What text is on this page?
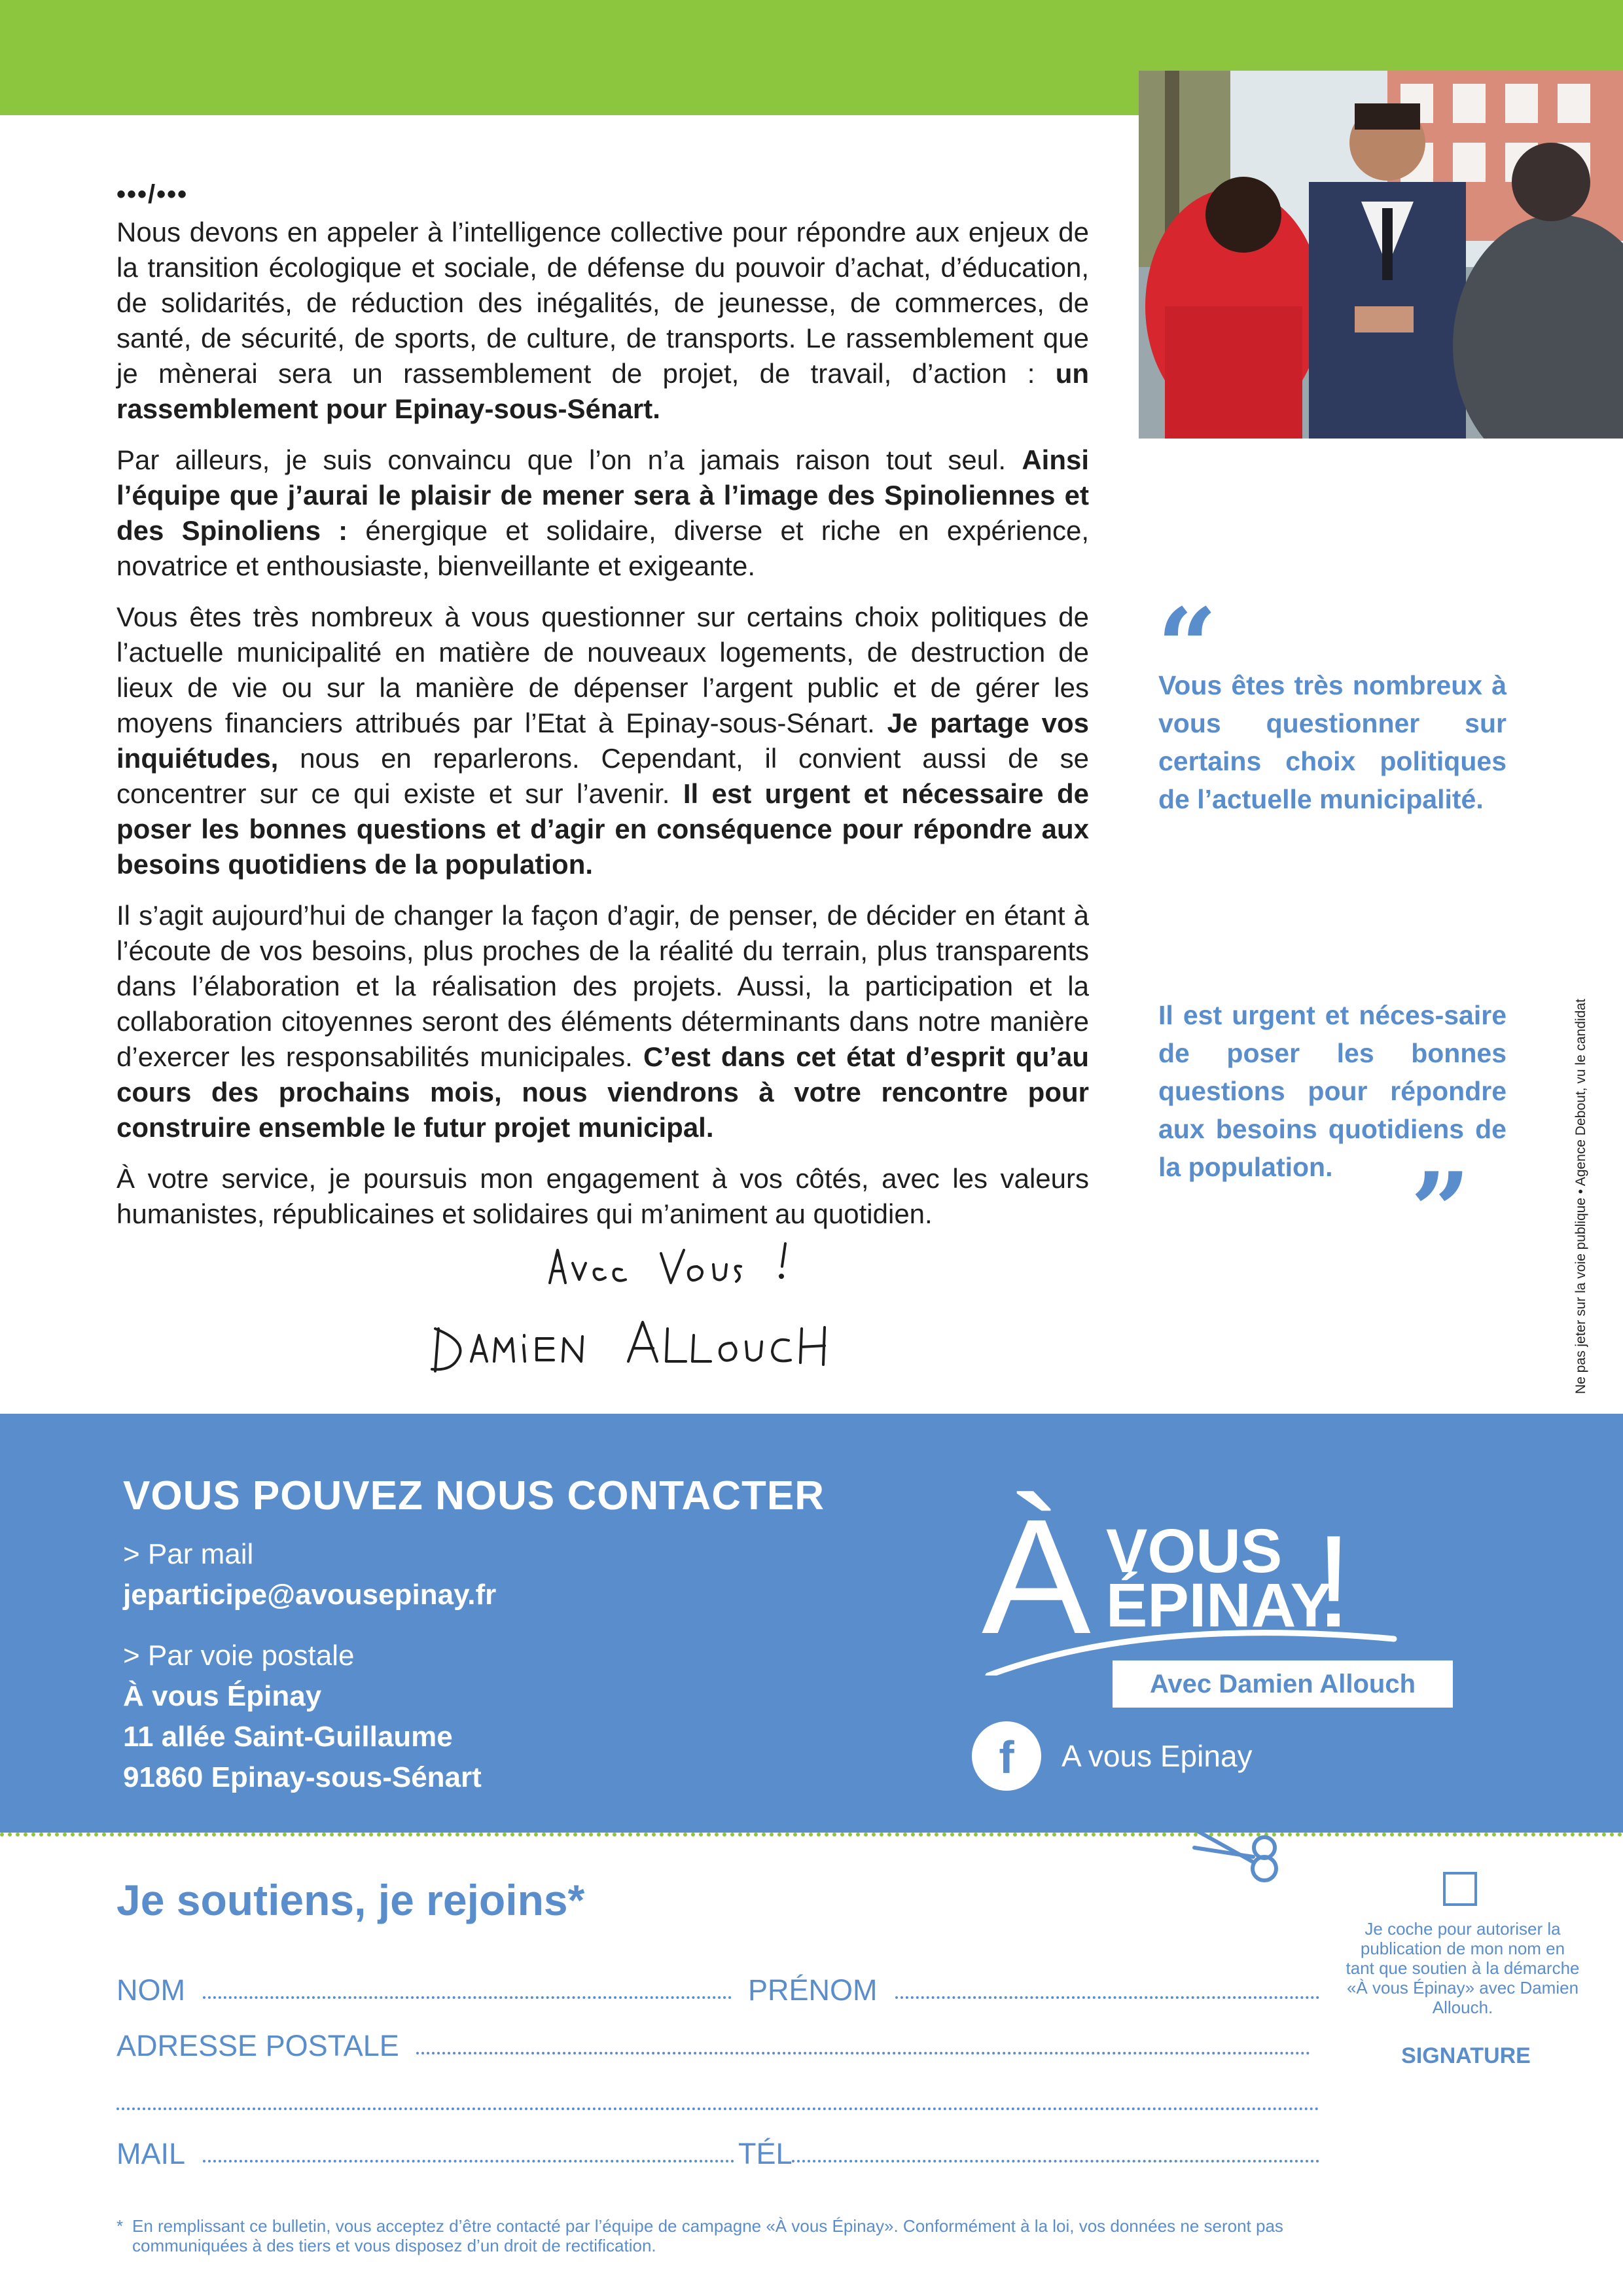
•••/•••

Nous devons en appeler à l’intelligence collective pour répondre aux enjeux de la transition écologique et sociale, de défense du pouvoir d’achat, d’éducation, de solidarités, de réduction des inégalités, de jeunesse, de commerces, de santé, de sécurité, de sports, de culture, de transports. Le rassemblement que je mènerai sera un rassemblement de projet, de travail, d’action : un rassemblement pour Epinay-sous-Sénart.

Par ailleurs, je suis convaincu que l’on n’a jamais raison tout seul. Ainsi l’équipe que j’aurai le plaisir de mener sera à l’image des Spinoliennes et des Spinoliens : énergique et solidaire, diverse et riche en expérience, novatrice et enthousiaste, bienveillante et exigeante.

Vous êtes très nombreux à vous questionner sur certains choix politiques de l’actuelle municipalité en matière de nouveaux logements, de destruction de lieux de vie ou sur la manière de dépenser l’argent public et de gérer les moyens financiers attribués par l’Etat à Epinay-sous-Sénart. Je partage vos inquiétudes, nous en reparlerons. Cependant, il convient aussi de se concentrer sur ce qui existe et sur l’avenir. Il est urgent et nécessaire de poser les bonnes questions et d’agir en conséquence pour répondre aux besoins quotidiens de la population.

Il s’agit aujourd’hui de changer la façon d’agir, de penser, de décider en étant à l’écoute de vos besoins, plus proches de la réalité du terrain, plus transparents dans l’élaboration et la réalisation des projets. Aussi, la participation et la collaboration citoyennes seront des éléments déterminants dans notre manière d’exercer les responsabilités municipales. C’est dans cet état d’esprit qu’au cours des prochains mois, nous viendrons à votre rencontre pour construire ensemble le futur projet municipal.

À votre service, je poursuis mon engagement à vos côtés, avec les valeurs humanistes, républicaines et solidaires qui m’animent au quotidien.

“
Vous êtes très nombreux à vous questionner sur certains choix politiques de l’actuelle municipalité.
Il est urgent et néces-saire de poser les bonnes questions pour répondre aux besoins quotidiens de la population. ”	Ne pas jeter sur la voie publique • Agence Debout, vu le candidat
VOUS POUVEZ NOUS CONTACTER
> Par mail
jeparticipe@avousepinay.fr
> Par voie postale
À vous Épinay
11 allée Saint-Guillaume
91860 Epinay-sous-Sénart
À VOUS
ÉPINAY
!
Avec Damien Allouch
f	A vous Epinay
Je soutiens, je rejoins*
NOM	PRÉNOM
ADRESSE POSTALE
MAIL	TÉL
Je coche pour autoriser la publication de mon nom en tant que soutien à la démarche «À vous Épinay» avec Damien Allouch.
SIGNATURE
* En remplissant ce bulletin, vous acceptez d’être contacté par l’équipe de campagne «À vous Épinay». Conformément à la loi, vos données ne seront pas communiquées à des tiers et vous disposez d’un droit de rectification.
